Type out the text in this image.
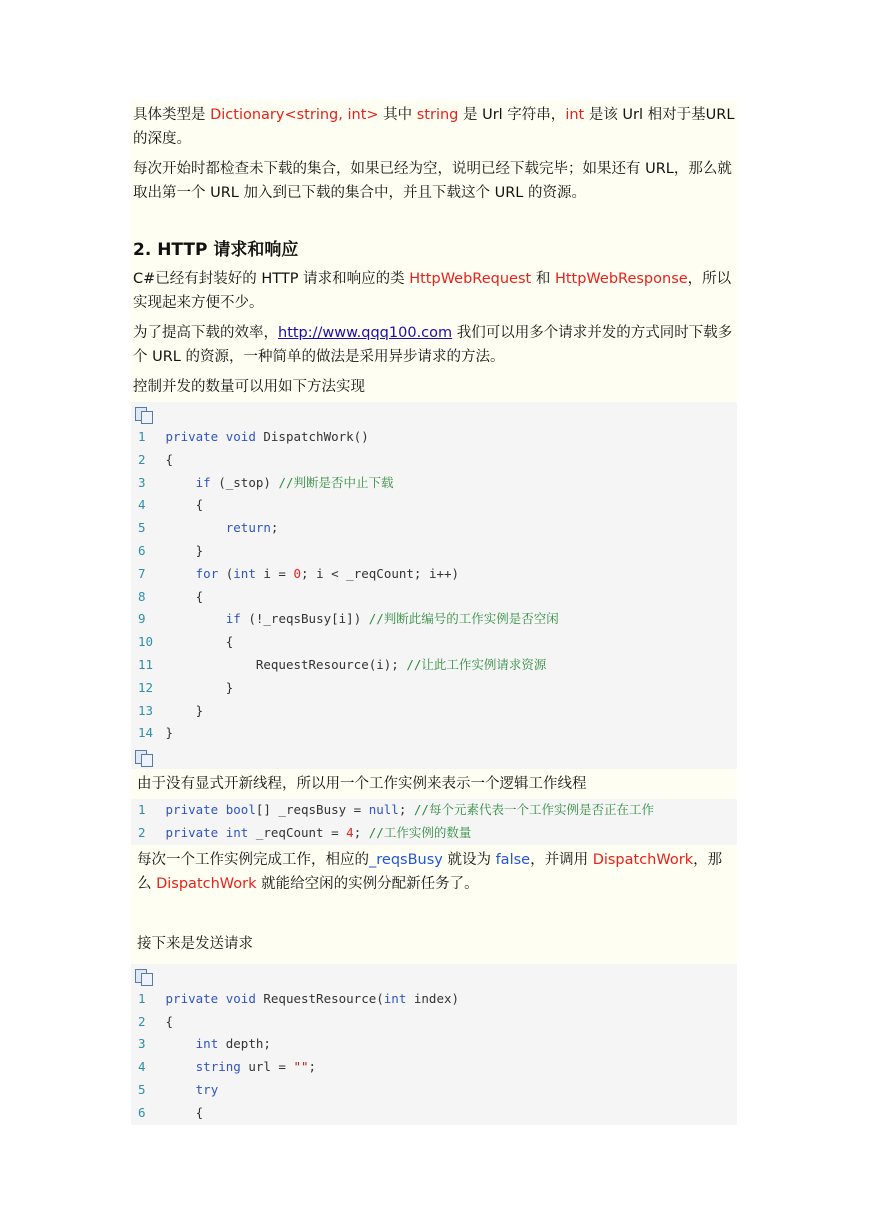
具体类型是 Dictionary<string, int> 其中 string 是 Url 字符串，int 是该 Url 相对于基URL 的深度。
每次开始时都检查未下载的集合，如果已经为空，说明已经下载完毕；如果还有 URL，那么就取出第一个 URL 加入到已下载的集合中，并且下载这个 URL 的资源。
2. HTTP 请求和响应
C#已经有封装好的 HTTP 请求和响应的类 HttpWebRequest 和 HttpWebResponse，所以实现起来方便不少。
为了提高下载的效率，http://www.qqq100.com 我们可以用多个请求并发的方式同时下载多个 URL 的资源，一种简单的做法是采用异步请求的方法。
控制并发的数量可以用如下方法实现
1 private void DispatchWork()
2 {
3	if (_stop) //判断是否中止下载
4     {
5	return;
6     }
7	for (int i = 0; i < _reqCount; i++)
8     {
9	if (!_reqsBusy[i]) //判断此编号的工作实例是否空闲
10         {
11	RequestResource(i); //让此工作实例请求资源
12         }
13     }
14 }
由于没有显式开新线程，所以用一个工作实例来表示一个逻辑工作线程
1 private bool[] _reqsBusy = null; //每个元素代表一个工作实例是否正在工作
2 private int _reqCount = 4; //工作实例的数量
每次一个工作实例完成工作，相应的_reqsBusy 就设为 false，并调用 DispatchWork，那么 DispatchWork 就能给空闲的实例分配新任务了。
接下来是发送请求
1 private void RequestResource(int index)
2 {
3	int depth;
4	string url = "";
5	try
6     {
